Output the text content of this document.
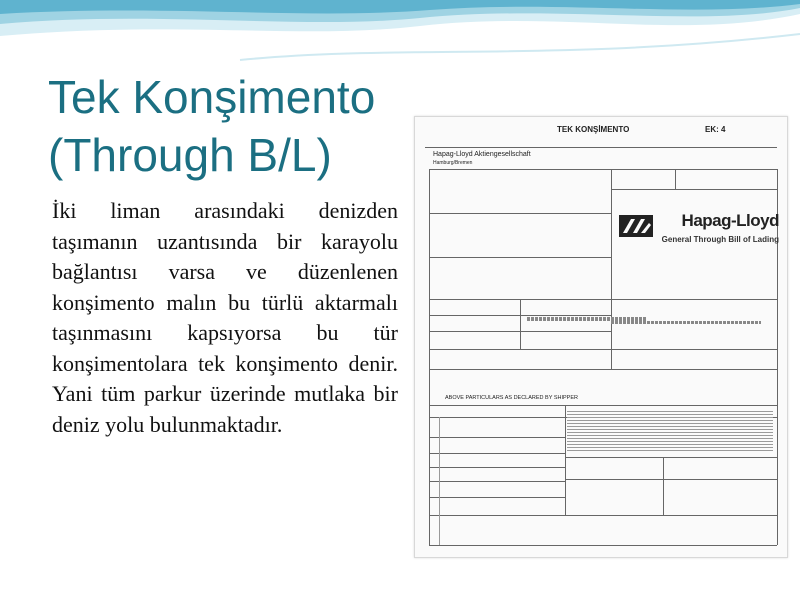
Tek Konşimento
(Through B/L)

İki liman arasındaki denizden taşımanın uzantısında bir karayolu bağlantısı varsa ve düzenlenen konşimento malın bu türlü aktarmalı taşınmasını kapsıyorsa bu tür konşimentolara tek konşimento denir. Yani tüm parkur üzerinde mutlaka bir deniz yolu bulunmaktadır.

TEK KONŞİMENTO	EK: 4
Hapag-Lloyd Aktiengesellschaft
Hamburg/Bremen
ABOVE PARTICULARS AS DECLARED BY SHIPPER
Hapag-Lloyd
General Through Bill of Lading
